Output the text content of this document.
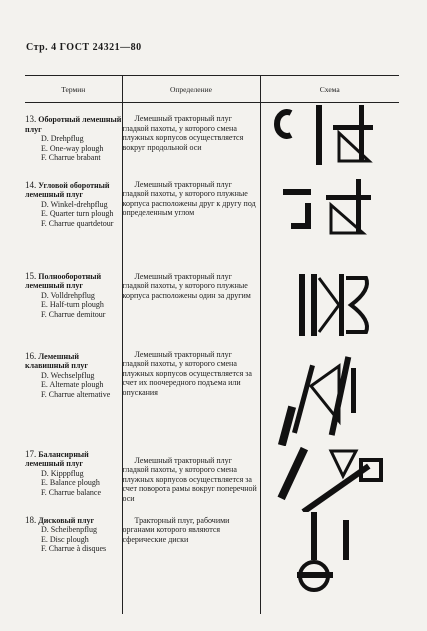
Стр. 4 ГОСТ 24321—80
Термин	Определение	Схема
13. Оборотный лемешный плуг
D. Drehpflug
E. One-way plough
F. Charrue brabant	Лемешный тракторный плуг гладкой пахоты, у которого смена плужных корпусов осуществляется вокруг продольной оси

14. Угловой оборотный лемешный плуг
D. Winkel-drehpflug
E. Quarter turn plough
F. Charrue quartdetour	Лемешный тракторный плуг гладкой пахоты, у которого плужные корпуса расположены друг к другу под определенным углом

15. Полнооборотный лемешный плуг
D. Volldrehpflug
E. Half-turn plough
F. Charrue demitour	Лемешный тракторный плуг гладкой пахоты, у которого плужные корпуса расположены один за другим

16. Лемешный клавишный плуг
D. Wechselpflug
E. Alternate plough
F. Charrue alternative	Лемешный тракторный плуг гладкой пахоты, у которого смена плужных корпусов осуществляется за счет их поочередного подъема или опускания

17. Балансирный лемешный плуг
D. Kipppflug
E. Balance plough
F. Charrue balance	Лемешный тракторный плуг гладкой пахоты, у которого смена плужных корпусов осуществляется за счет поворота рамы вокруг поперечной оси

18. Дисковый плуг
D. Scheibenpflug
E. Disc plough
F. Charrue à disques	Тракторный плуг, рабочими органами которого являются сферические диски
